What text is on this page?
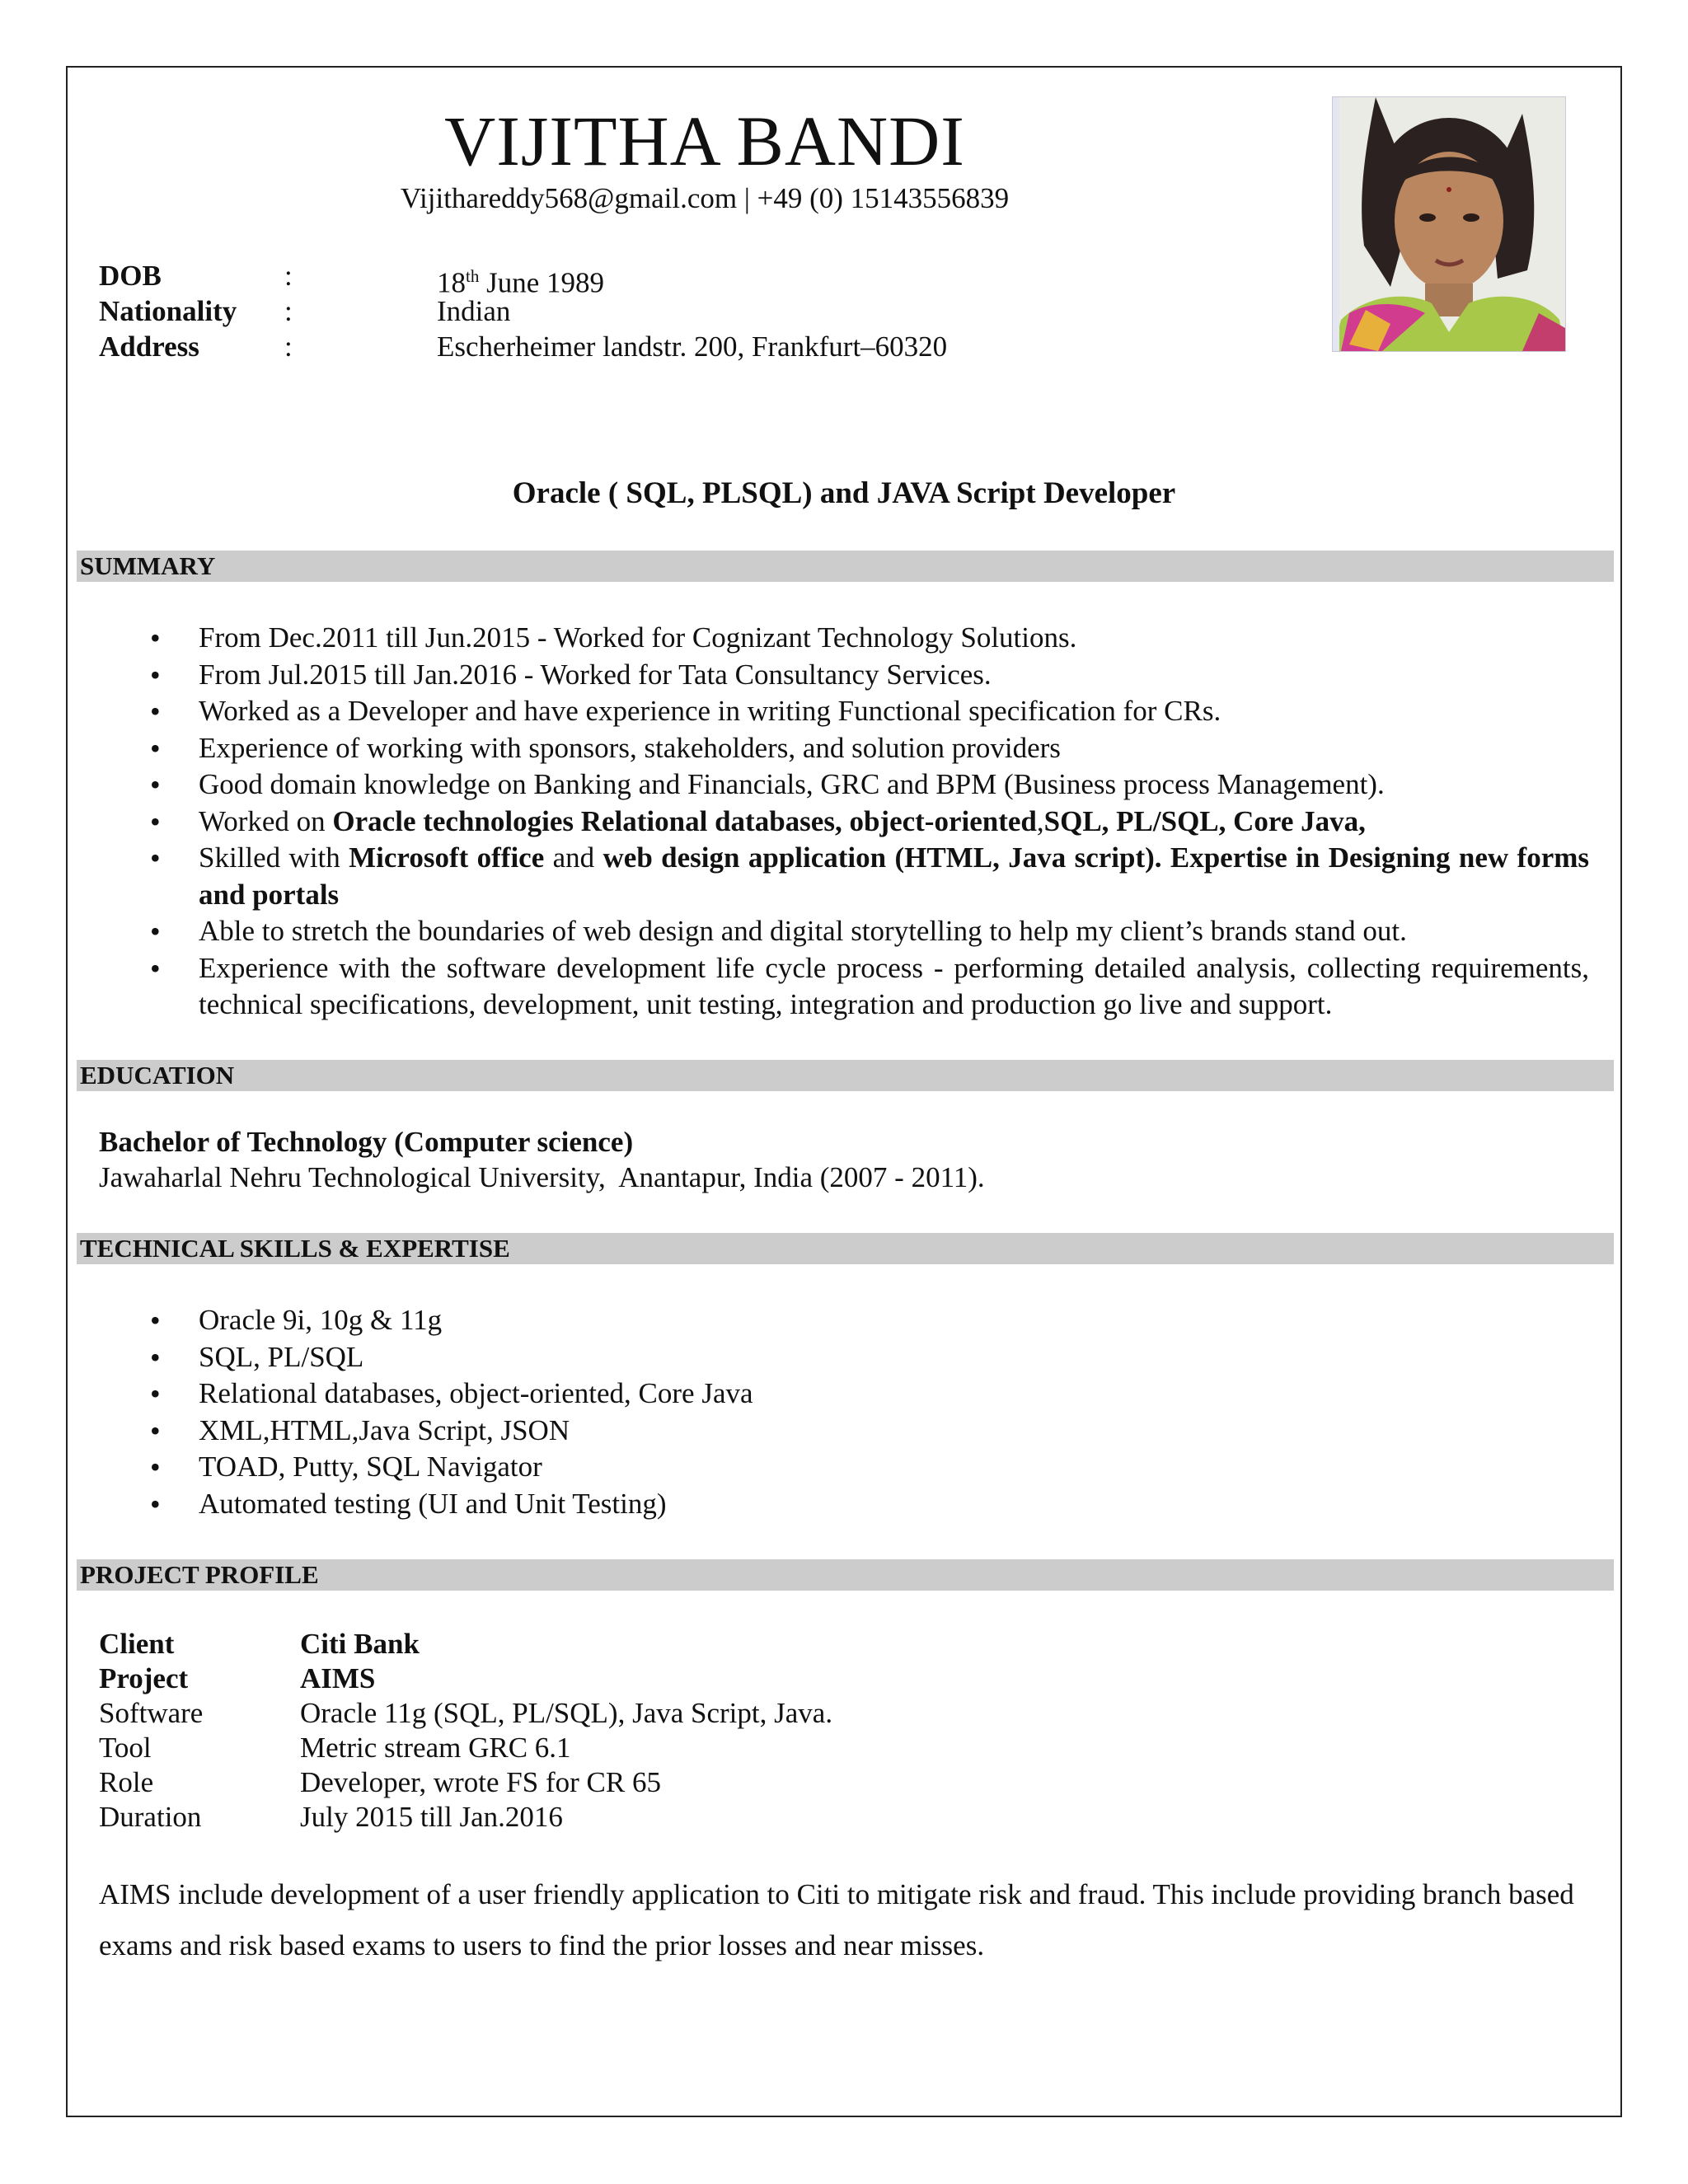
VIJITHA BANDI
Vijithareddy568@gmail.com | +49 (0) 15143556839
DOB	:	18th June 1989
Nationality :	Indian
Address	:	Escherheimer landstr. 200, Frankfurt–60320
Oracle ( SQL, PLSQL) and JAVA Script Developer
SUMMARY
• From Dec.2011 till Jun.2015 - Worked for Cognizant Technology Solutions.
• From Jul.2015 till Jan.2016 - Worked for Tata Consultancy Services.
• Worked as a Developer and have experience in writing Functional specification for CRs.
• Experience of working with sponsors, stakeholders, and solution providers
• Good domain knowledge on Banking and Financials, GRC and BPM (Business process Management).
• Worked on Oracle technologies Relational databases, object-oriented,SQL, PL/SQL, Core Java,
• Skilled with Microsoft office and web design application (HTML, Java script). Expertise in Designing new forms and portals
• Able to stretch the boundaries of web design and digital storytelling to help my client’s brands stand out.
• Experience with the software development life cycle process - performing detailed analysis, collecting requirements, technical specifications, development, unit testing, integration and production go live and support.
EDUCATION
Bachelor of Technology (Computer science)
Jawaharlal Nehru Technological University,  Anantapur, India (2007 - 2011).
TECHNICAL SKILLS & EXPERTISE
• Oracle 9i, 10g & 11g
• SQL, PL/SQL
• Relational databases, object-oriented, Core Java
• XML,HTML,Java Script, JSON
• TOAD, Putty, SQL Navigator
• Automated testing (UI and Unit Testing)
PROJECT PROFILE
Client	Citi Bank
Project	AIMS
Software	Oracle 11g (SQL, PL/SQL), Java Script, Java.
Tool	Metric stream GRC 6.1
Role	Developer, wrote FS for CR 65
Duration	July 2015 till Jan.2016
AIMS include development of a user friendly application to Citi to mitigate risk and fraud. This include providing branch based exams and risk based exams to users to find the prior losses and near misses.
